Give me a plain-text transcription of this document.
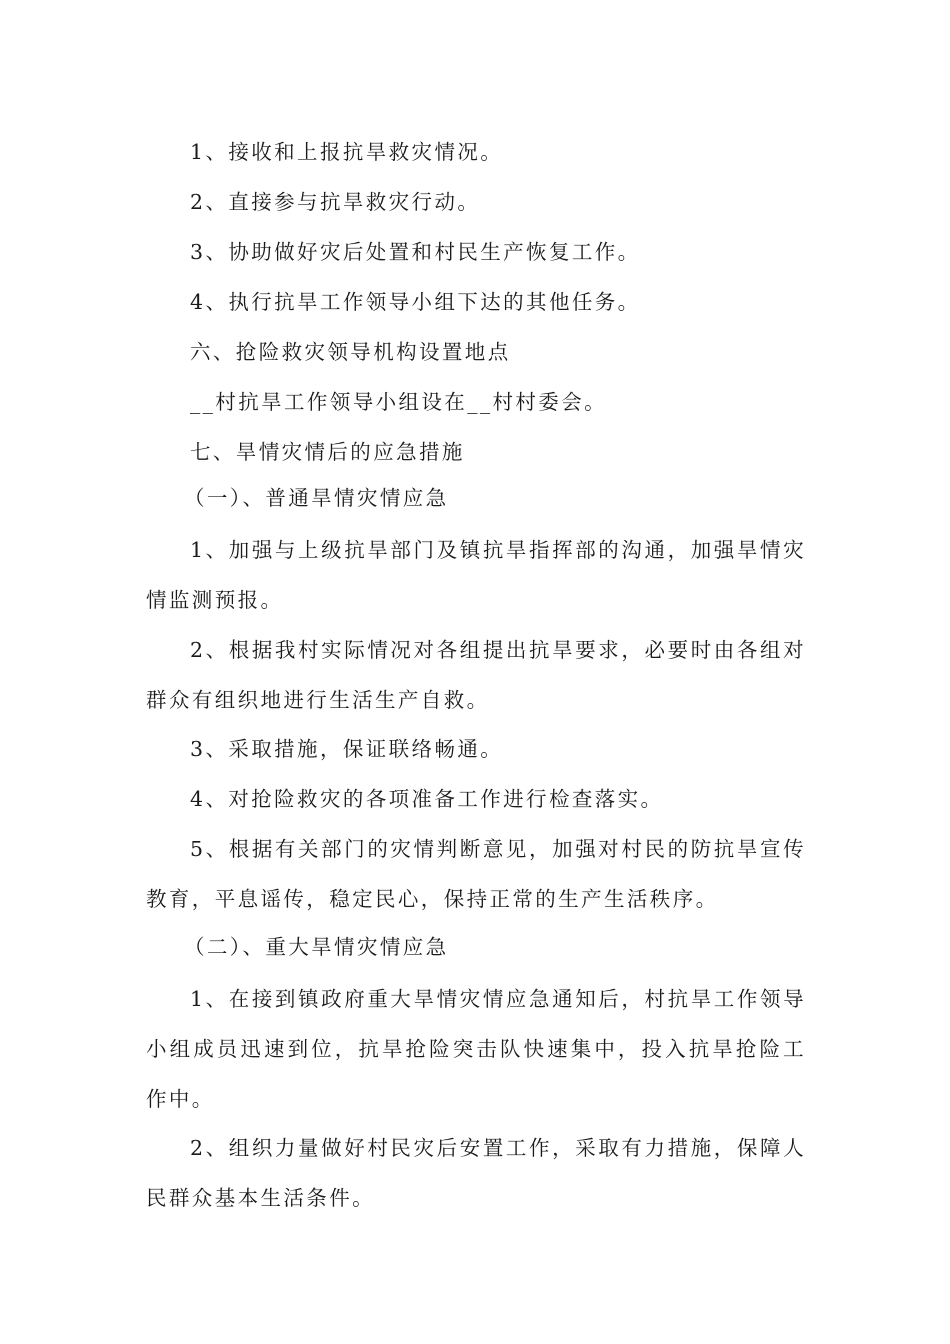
1、接收和上报抗旱救灾情况。

2、直接参与抗旱救灾行动。

3、协助做好灾后处置和村民生产恢复工作。

4、执行抗旱工作领导小组下达的其他任务。

六、抢险救灾领导机构设置地点

__村抗旱工作领导小组设在__村村委会。

七、旱情灾情后的应急措施

（一）、普通旱情灾情应急

1、加强与上级抗旱部门及镇抗旱指挥部的沟通，加强旱情灾情监测预报。

2、根据我村实际情况对各组提出抗旱要求，必要时由各组对群众有组织地进行生活生产自救。

3、采取措施，保证联络畅通。

4、对抢险救灾的各项准备工作进行检查落实。

5、根据有关部门的灾情判断意见，加强对村民的防抗旱宣传教育，平息谣传，稳定民心，保持正常的生产生活秩序。

（二）、重大旱情灾情应急

1、在接到镇政府重大旱情灾情应急通知后，村抗旱工作领导小组成员迅速到位，抗旱抢险突击队快速集中，投入抗旱抢险工作中。

2、组织力量做好村民灾后安置工作，采取有力措施，保障人民群众基本生活条件。
